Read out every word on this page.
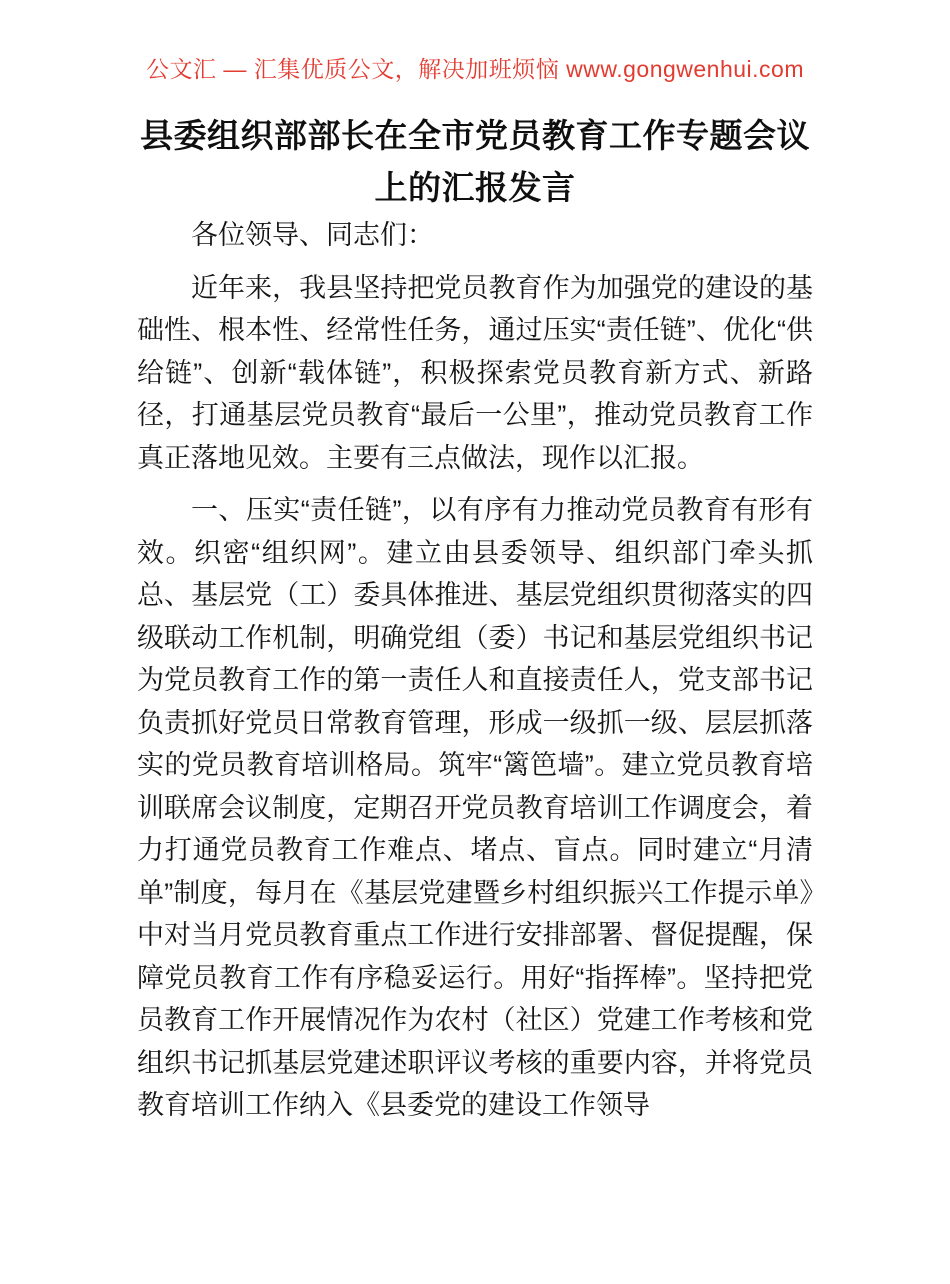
公文汇 — 汇集优质公文，解决加班烦恼 www.gongwenhui.com
县委组织部部长在全市党员教育工作专题会议上的汇报发言

各位领导、同志们：

近年来，我县坚持把党员教育作为加强党的建设的基础性、根本性、经常性任务，通过压实“责任链”、优化“供给链”、创新“载体链”，积极探索党员教育新方式、新路径，打通基层党员教育“最后一公里”，推动党员教育工作真正落地见效。主要有三点做法，现作以汇报。

一、压实“责任链”，以有序有力推动党员教育有形有效。织密“组织网”。建立由县委领导、组织部门牵头抓总、基层党（工）委具体推进、基层党组织贯彻落实的四级联动工作机制，明确党组（委）书记和基层党组织书记为党员教育工作的第一责任人和直接责任人，党支部书记负责抓好党员日常教育管理，形成一级抓一级、层层抓落实的党员教育培训格局。筑牢“篱笆墙”。建立党员教育培训联席会议制度，定期召开党员教育培训工作调度会，着力打通党员教育工作难点、堵点、盲点。同时建立“月清单”制度，每月在《基层党建暨乡村组织振兴工作提示单》中对当月党员教育重点工作进行安排部署、督促提醒，保障党员教育工作有序稳妥运行。用好“指挥棒”。坚持把党员教育工作开展情况作为农村（社区）党建工作考核和党组织书记抓基层党建述职评议考核的重要内容，并将党员教育培训工作纳入《县委党的建设工作领导
